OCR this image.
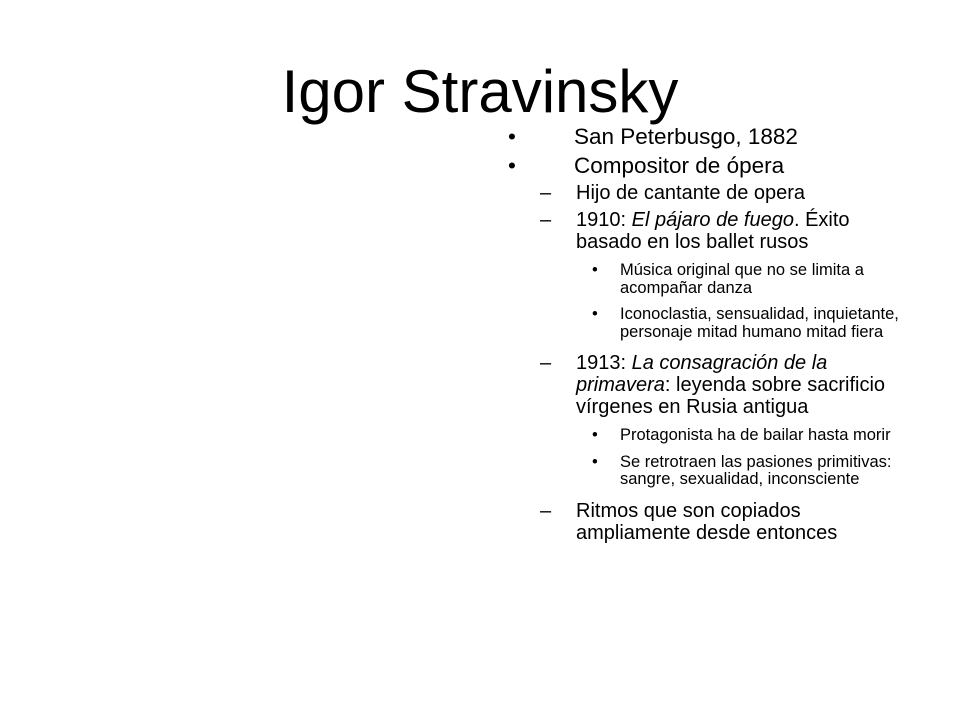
Igor Stravinsky
•	San Peterbusgo, 1882
•	Compositor de ópera
– Hijo de cantante de opera
– 1910: El pájaro de fuego. Éxito basado en los ballet rusos
• Música original que no se limita a acompañar danza
• Iconoclastia, sensualidad, inquietante, personaje mitad humano mitad fiera
– 1913: La consagración de la primavera: leyenda sobre sacrificio vírgenes en Rusia antigua
• Protagonista ha de bailar hasta morir
• Se retrotraen las pasiones primitivas: sangre, sexualidad, inconsciente
– Ritmos que son copiados ampliamente desde entonces
